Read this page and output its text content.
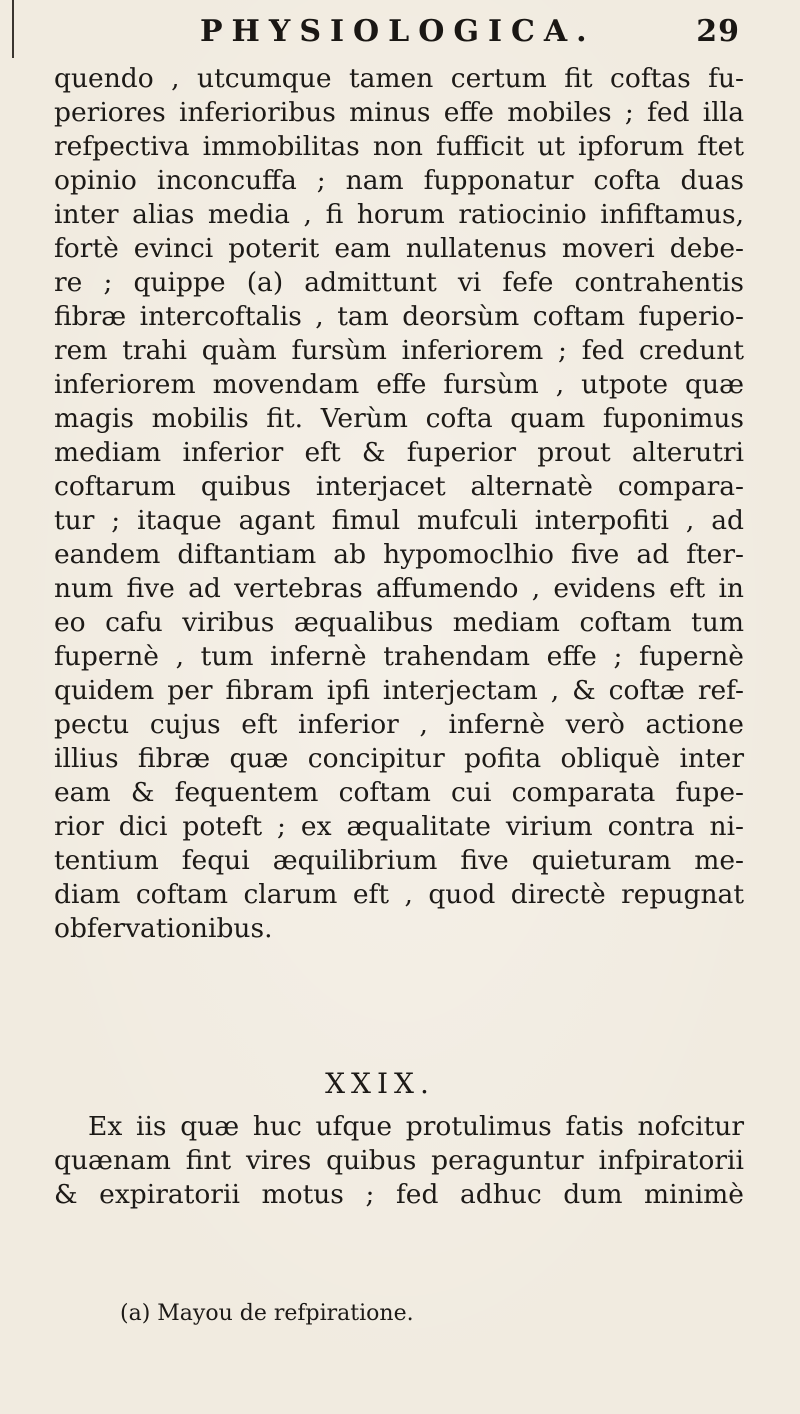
PHYSIOLOGICA.	29
quendo , utcumque tamen certum fit coftas fu-
periores inferioribus minus effe mobiles ; fed illa
refpectiva immobilitas non fufficit ut ipforum ftet
opinio inconcuffa ; nam fupponatur cofta duas
inter alias media , fi horum ratiocinio infiftamus,
fortè evinci poterit eam nullatenus moveri debe-
re ; quippe (a) admittunt vi fefe contrahentis
fibræ intercoftalis , tam deorsùm coftam fuperio-
rem trahi quàm fursùm inferiorem ; fed credunt
inferiorem movendam effe fursùm , utpote quæ
magis mobilis fit. Verùm cofta quam fuponimus
mediam inferior eft & fuperior prout alterutri
coftarum quibus interjacet alternatè compara-
tur ; itaque agant fimul mufculi interpofiti , ad
eandem diftantiam ab hypomoclhio five ad fter-
num five ad vertebras affumendo , evidens eft in
eo cafu viribus æqualibus mediam coftam tum
fupernè , tum infernè trahendam effe ; fupernè
quidem per fibram ipfi interjectam , & coftæ ref-
pectu cujus eft inferior , infernè verò actione
illius fibræ quæ concipitur pofita obliquè inter
eam & fequentem coftam cui comparata fupe-
rior dici poteft ; ex æqualitate virium contra ni-
tentium fequi æquilibrium five quieturam me-
diam coftam clarum eft , quod directè repugnat
obfervationibus.
XXIX.
Ex iis quæ huc ufque protulimus fatis nofcitur
quænam fint vires quibus peraguntur infpiratorii
& expiratorii motus ; fed adhuc dum minimè
(a) Mayou de refpiratione.
